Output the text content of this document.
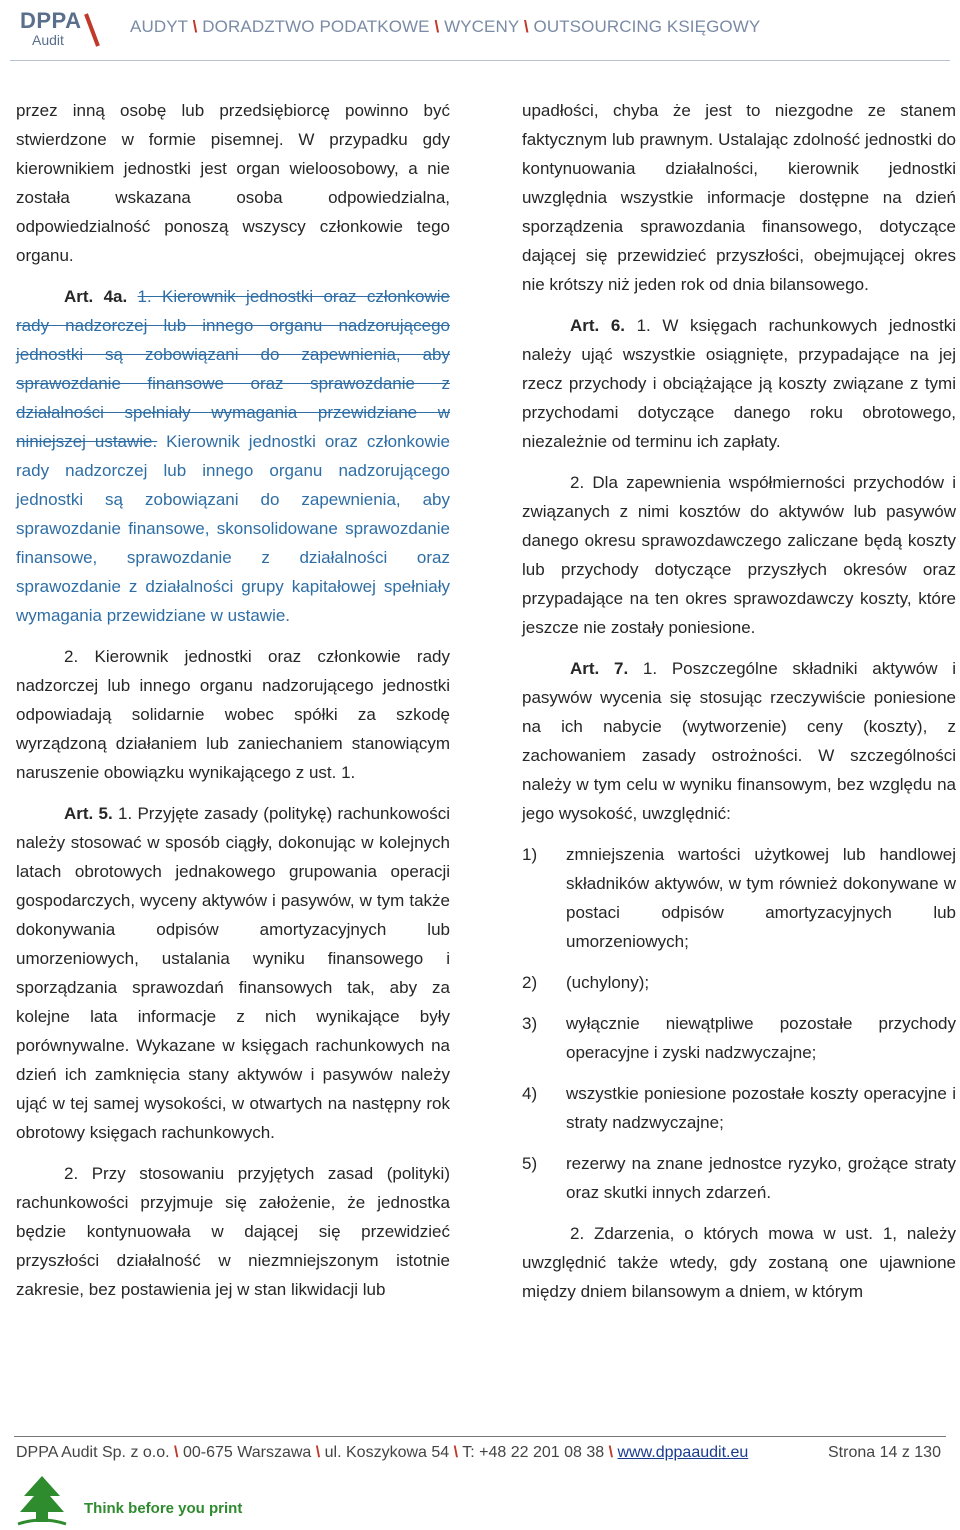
DPPA
Audit
AUDYT \ DORADZTWO PODATKOWE \ WYCENY \ OUTSOURCING KSIĘGOWY

przez inną osobę lub przedsiębiorcę powinno być stwierdzone w formie pisemnej. W przypadku gdy kierownikiem jednostki jest organ wieloosobowy, a nie została wskazana osoba odpowiedzialna, odpowiedzialność ponoszą wszyscy członkowie tego organu.

Art. 4a. 1. Kierownik jednostki oraz członkowie rady nadzorczej lub innego organu nadzorującego jednostki są zobowiązani do zapewnienia, aby sprawozdanie finansowe oraz sprawozdanie z działalności spełniały wymagania przewidziane w niniejszej ustawie. Kierownik jednostki oraz członkowie rady nadzorczej lub innego organu nadzorującego jednostki są zobowiązani do zapewnienia, aby sprawozdanie finansowe, skonsolidowane sprawozdanie finansowe, sprawozdanie z działalności oraz sprawozdanie z działalności grupy kapitałowej spełniały wymagania przewidziane w ustawie.

2. Kierownik jednostki oraz członkowie rady nadzorczej lub innego organu nadzorującego jednostki odpowiadają solidarnie wobec spółki za szkodę wyrządzoną działaniem lub zaniechaniem stanowiącym naruszenie obowiązku wynikającego z ust. 1.

Art. 5. 1. Przyjęte zasady (politykę) rachunkowości należy stosować w sposób ciągły, dokonując w kolejnych latach obrotowych jednakowego grupowania operacji gospodarczych, wyceny aktywów i pasywów, w tym także dokonywania odpisów amortyzacyjnych lub umorzeniowych, ustalania wyniku finansowego i sporządzania sprawozdań finansowych tak, aby za kolejne lata informacje z nich wynikające były porównywalne. Wykazane w księgach rachunkowych na dzień ich zamknięcia stany aktywów i pasywów należy ująć w tej samej wysokości, w otwartych na następny rok obrotowy księgach rachunkowych.

2. Przy stosowaniu przyjętych zasad (polityki) rachunkowości przyjmuje się założenie, że jednostka będzie kontynuowała w dającej się przewidzieć przyszłości działalność w niezmniejszonym istotnie zakresie, bez postawienia jej w stan likwidacji lub

upadłości, chyba że jest to niezgodne ze stanem faktycznym lub prawnym. Ustalając zdolność jednostki do kontynuowania działalności, kierownik jednostki uwzględnia wszystkie informacje dostępne na dzień sporządzenia sprawozdania finansowego, dotyczące dającej się przewidzieć przyszłości, obejmującej okres nie krótszy niż jeden rok od dnia bilansowego.

Art. 6. 1. W księgach rachunkowych jednostki należy ująć wszystkie osiągnięte, przypadające na jej rzecz przychody i obciążające ją koszty związane z tymi przychodami dotyczące danego roku obrotowego, niezależnie od terminu ich zapłaty.

2. Dla zapewnienia współmierności przychodów i związanych z nimi kosztów do aktywów lub pasywów danego okresu sprawozdawczego zaliczane będą koszty lub przychody dotyczące przyszłych okresów oraz przypadające na ten okres sprawozdawczy koszty, które jeszcze nie zostały poniesione.

Art. 7. 1. Poszczególne składniki aktywów i pasywów wycenia się stosując rzeczywiście poniesione na ich nabycie (wytworzenie) ceny (koszty), z zachowaniem zasady ostrożności. W szczególności należy w tym celu w wyniku finansowym, bez względu na jego wysokość, uwzględnić:

1) zmniejszenia wartości użytkowej lub handlowej składników aktywów, w tym również dokonywane w postaci odpisów amortyzacyjnych lub umorzeniowych;
2) (uchylony);
3) wyłącznie niewątpliwe pozostałe przychody operacyjne i zyski nadzwyczajne;
4) wszystkie poniesione pozostałe koszty operacyjne i straty nadzwyczajne;
5) rezerwy na znane jednostce ryzyko, grożące straty oraz skutki innych zdarzeń.

2. Zdarzenia, o których mowa w ust. 1, należy uwzględnić także wtedy, gdy zostaną one ujawnione między dniem bilansowym a dniem, w którym

DPPA Audit Sp. z o.o. \ 00-675 Warszawa \ ul. Koszykowa 54 \ T: +48 22 201 08 38 \ www.dppaaudit.eu	Strona 14 z 130
Think before you print
